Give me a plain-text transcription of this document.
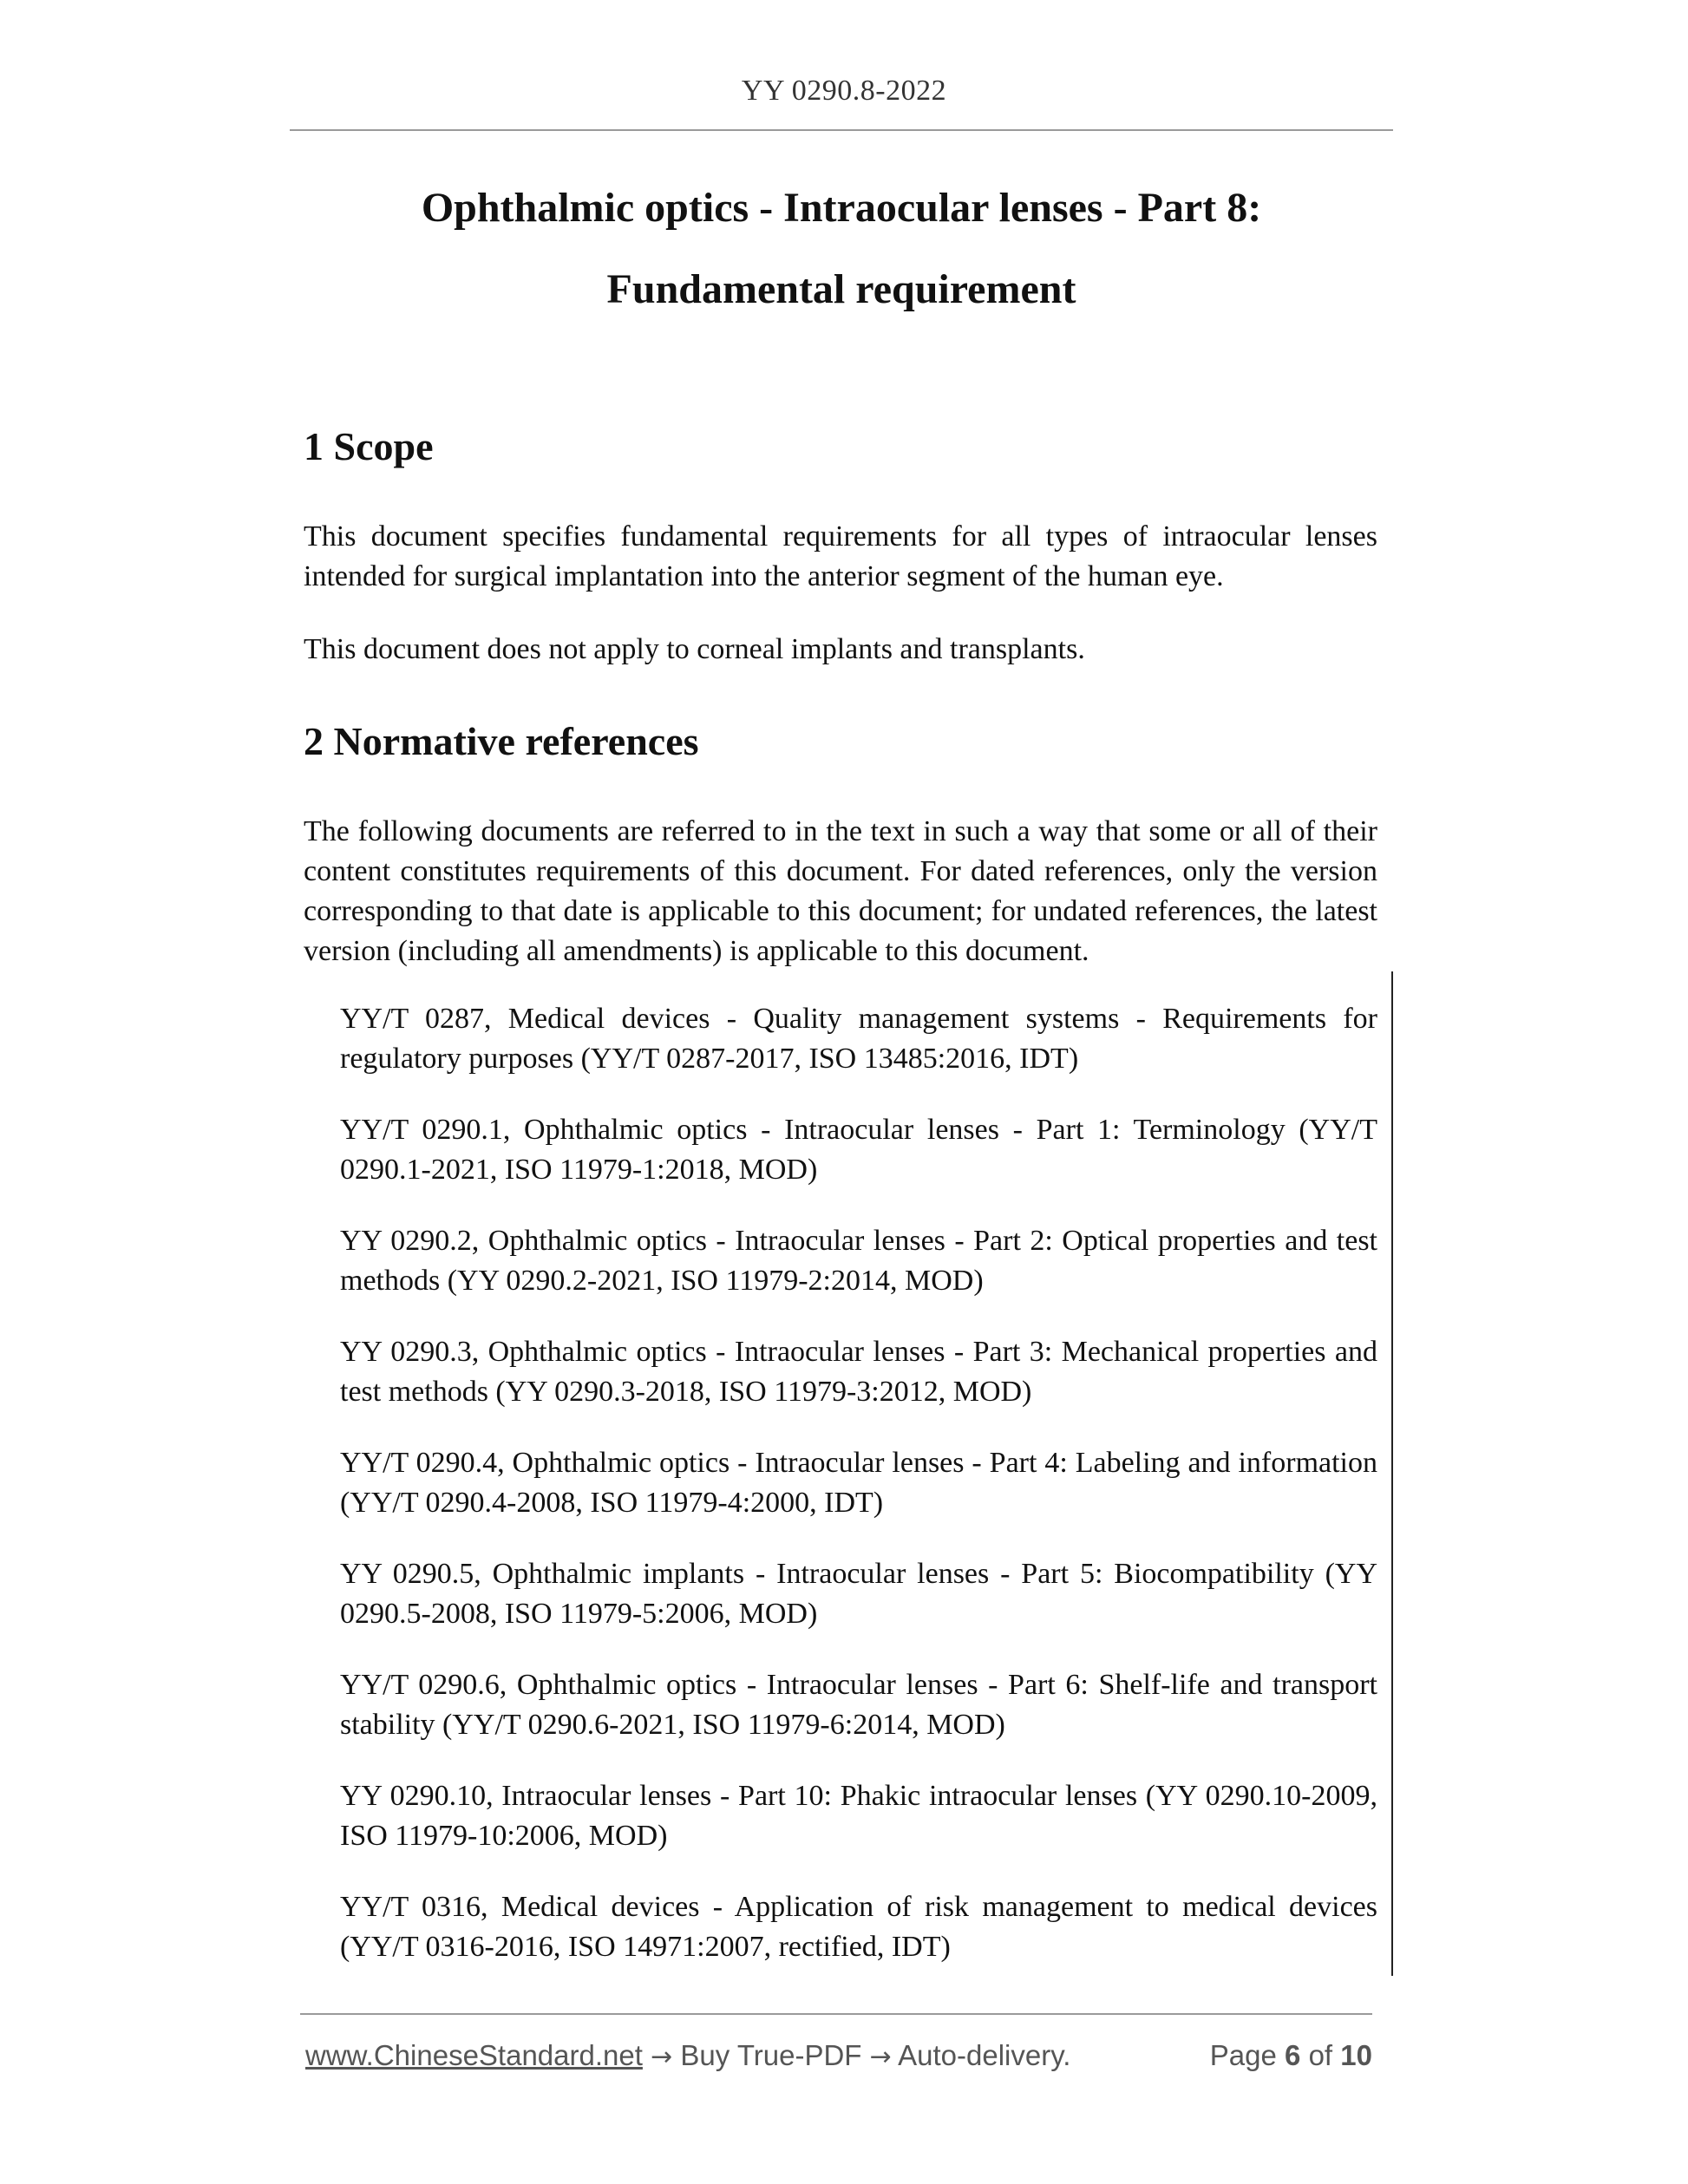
YY 0290.8-2022
Ophthalmic optics - Intraocular lenses - Part 8:
Fundamental requirement
1 Scope

This document specifies fundamental requirements for all types of intraocular lenses intended for surgical implantation into the anterior segment of the human eye.

This document does not apply to corneal implants and transplants.

2 Normative references

The following documents are referred to in the text in such a way that some or all of their content constitutes requirements of this document. For dated references, only the version corresponding to that date is applicable to this document; for undated references, the latest version (including all amendments) is applicable to this document.

YY/T 0287, Medical devices - Quality management systems - Requirements for regulatory purposes (YY/T 0287-2017, ISO 13485:2016, IDT)
YY/T 0290.1, Ophthalmic optics - Intraocular lenses - Part 1: Terminology (YY/T 0290.1-2021, ISO 11979-1:2018, MOD)
YY 0290.2, Ophthalmic optics - Intraocular lenses - Part 2: Optical properties and test methods (YY 0290.2-2021, ISO 11979-2:2014, MOD)
YY 0290.3, Ophthalmic optics - Intraocular lenses - Part 3: Mechanical properties and test methods (YY 0290.3-2018, ISO 11979-3:2012, MOD)
YY/T 0290.4, Ophthalmic optics - Intraocular lenses - Part 4: Labeling and information (YY/T 0290.4-2008, ISO 11979-4:2000, IDT)
YY 0290.5, Ophthalmic implants - Intraocular lenses - Part 5: Biocompatibility (YY 0290.5-2008, ISO 11979-5:2006, MOD)
YY/T 0290.6, Ophthalmic optics - Intraocular lenses - Part 6: Shelf-life and transport stability (YY/T 0290.6-2021, ISO 11979-6:2014, MOD)
YY 0290.10, Intraocular lenses - Part 10: Phakic intraocular lenses (YY 0290.10-2009, ISO 11979-10:2006, MOD)
YY/T 0316, Medical devices - Application of risk management to medical devices (YY/T 0316-2016, ISO 14971:2007, rectified, IDT)
www.ChineseStandard.net → Buy True-PDF → Auto-delivery.	Page 6 of 10
